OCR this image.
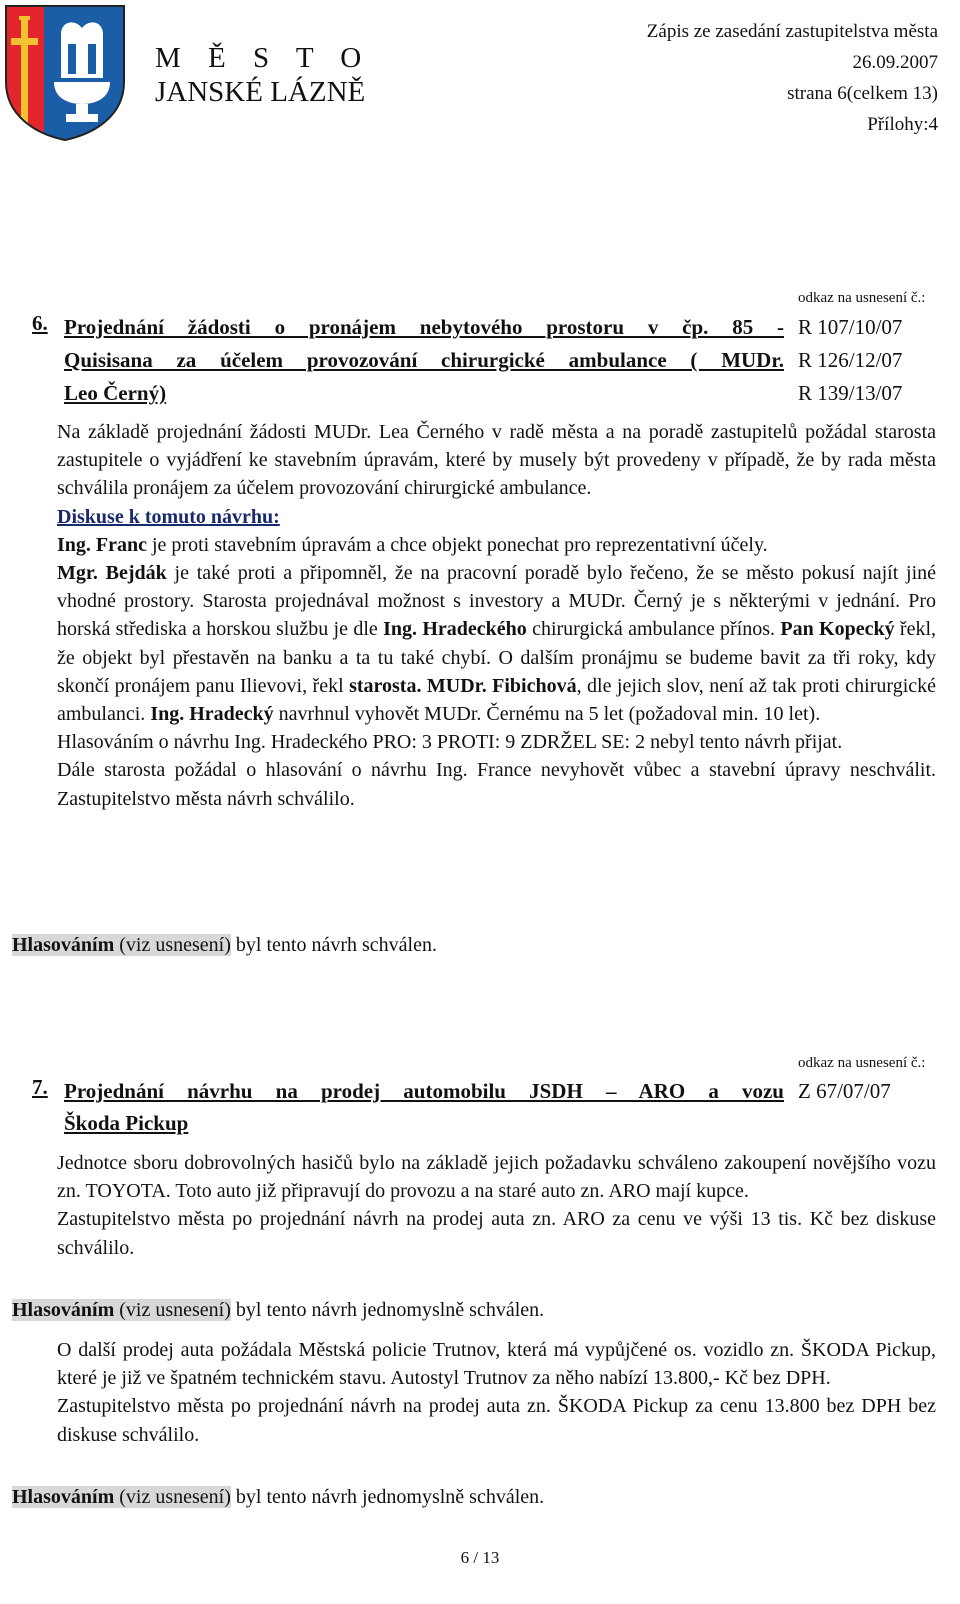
M Ě S T O
JANSKÉ LÁZNĚ
Zápis ze zasedání zastupitelstva města
26.09.2007
strana 6(celkem 13)
Přílohy:4
odkaz na usnesení č.:
6. Projednání žádosti o pronájem nebytového prostoru v čp. 85 -
Quisisana za účelem provozování chirurgické ambulance ( MUDr.
Leo Černý)
R 107/10/07
R 126/12/07
R 139/13/07

Na základě projednání žádosti MUDr. Lea Černého v radě města a na poradě zastupitelů požádal starosta zastupitele o vyjádření ke stavebním úpravám, které by musely být provedeny v případě, že by rada města schválila pronájem za účelem provozování chirurgické ambulance.

Diskuse k tomuto návrhu:

Ing. Franc je proti stavebním úpravám a chce objekt ponechat pro reprezentativní účely.

Mgr. Bejdák je také proti a připomněl, že na pracovní poradě bylo řečeno, že se město pokusí najít jiné vhodné prostory. Starosta projednával možnost s investory a MUDr. Černý je s některými v jednání. Pro horská střediska a horskou službu je dle Ing. Hradeckého chirurgická ambulance přínos. Pan Kopecký řekl, že objekt byl přestavěn na banku a ta tu také chybí. O dalším pronájmu se budeme bavit za tři roky, kdy skončí pronájem panu Ilievovi, řekl starosta. MUDr. Fibichová, dle jejich slov, není až tak proti chirurgické ambulanci. Ing. Hradecký navrhnul vyhovět MUDr. Černému na 5 let (požadoval min. 10 let).

Hlasováním o návrhu Ing. Hradeckého PRO: 3 PROTI: 9 ZDRŽEL SE: 2 nebyl tento návrh přijat.

Dále starosta požádal o hlasování o návrhu Ing. France nevyhovět vůbec a stavební úpravy neschválit. Zastupitelstvo města návrh schválilo.

Hlasováním (viz usnesení) byl tento návrh schválen.
odkaz na usnesení č.:
7. Projednání návrhu na prodej automobilu JSDH – ARO a vozu
Škoda Pickup
Z 67/07/07

Jednotce sboru dobrovolných hasičů bylo na základě jejich požadavku schváleno zakoupení novějšího vozu zn. TOYOTA. Toto auto již připravují do provozu a na staré auto zn. ARO mají kupce.

Zastupitelstvo města po projednání návrh na prodej auta zn. ARO za cenu ve výši 13 tis. Kč bez diskuse schválilo.

Hlasováním (viz usnesení) byl tento návrh jednomyslně schválen.

O další prodej auta požádala Městská policie Trutnov, která má vypůjčené os. vozidlo zn. ŠKODA Pickup, které je již ve špatném technickém stavu. Autostyl Trutnov za něho nabízí 13.800,- Kč bez DPH.

Zastupitelstvo města po projednání návrh na prodej auta zn. ŠKODA Pickup za cenu 13.800 bez DPH bez diskuse schválilo.

Hlasováním (viz usnesení) byl tento návrh jednomyslně schválen.
6 / 13
